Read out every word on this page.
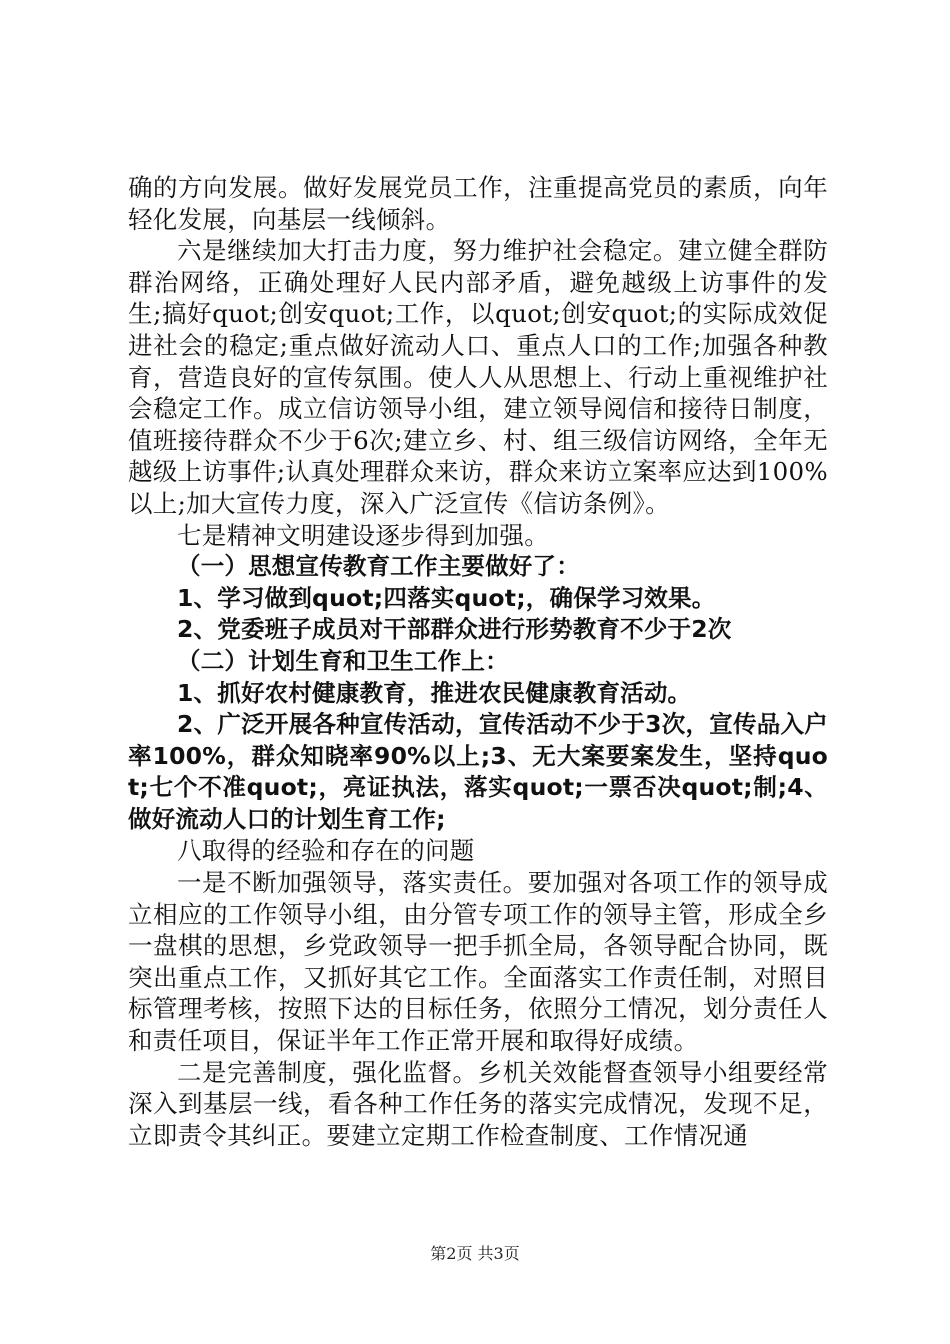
确的方向发展。做好发展党员工作，注重提高党员的素质，向年轻化发展，向基层一线倾斜。

六是继续加大打击力度，努力维护社会稳定。建立健全群防群治网络，正确处理好人民内部矛盾，避免越级上访事件的发生;搞好quot;创安quot;工作，以quot;创安quot;的实际成效促进社会的稳定;重点做好流动人口、重点人口的工作;加强各种教育，营造良好的宣传氛围。使人人从思想上、行动上重视维护社会稳定工作。成立信访领导小组，建立领导阅信和接待日制度，值班接待群众不少于6次;建立乡、村、组三级信访网络，全年无越级上访事件;认真处理群众来访，群众来访立案率应达到100%以上;加大宣传力度，深入广泛宣传《信访条例》。

七是精神文明建设逐步得到加强。

（一）思想宣传教育工作主要做好了：

1、学习做到quot;四落实quot;，确保学习效果。

2、党委班子成员对干部群众进行形势教育不少于2次

（二）计划生育和卫生工作上：

1、抓好农村健康教育，推进农民健康教育活动。

2、广泛开展各种宣传活动，宣传活动不少于3次，宣传品入户率100%，群众知晓率90%以上;3、无大案要案发生，坚持quot;七个不准quot;，亮证执法，落实quot;一票否决quot;制;4、做好流动人口的计划生育工作;

八取得的经验和存在的问题

一是不断加强领导，落实责任。要加强对各项工作的领导成立相应的工作领导小组，由分管专项工作的领导主管，形成全乡一盘棋的思想，乡党政领导一把手抓全局，各领导配合协同，既突出重点工作，又抓好其它工作。全面落实工作责任制，对照目标管理考核，按照下达的目标任务，依照分工情况，划分责任人和责任项目，保证半年工作正常开展和取得好成绩。

二是完善制度，强化监督。乡机关效能督查领导小组要经常深入到基层一线，看各种工作任务的落实完成情况，发现不足，立即责令其纠正。要建立定期工作检查制度、工作情况通

第2页 共3页
